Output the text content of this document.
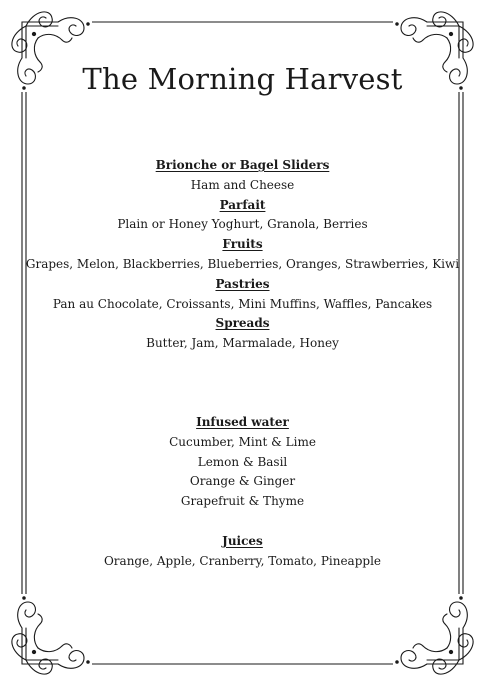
The Morning Harvest
Brionche or Bagel Sliders
Ham and Cheese
Parfait
Plain or Honey Yoghurt, Granola, Berries
Fruits
Grapes, Melon, Blackberries, Blueberries, Oranges, Strawberries, Kiwi
Pastries
Pan au Chocolate, Croissants, Mini Muffins, Waffles, Pancakes
Spreads
Butter, Jam, Marmalade, Honey
Infused water
Cucumber, Mint & Lime
Lemon & Basil
Orange & Ginger
Grapefruit & Thyme
Juices
Orange, Apple, Cranberry, Tomato, Pineapple
